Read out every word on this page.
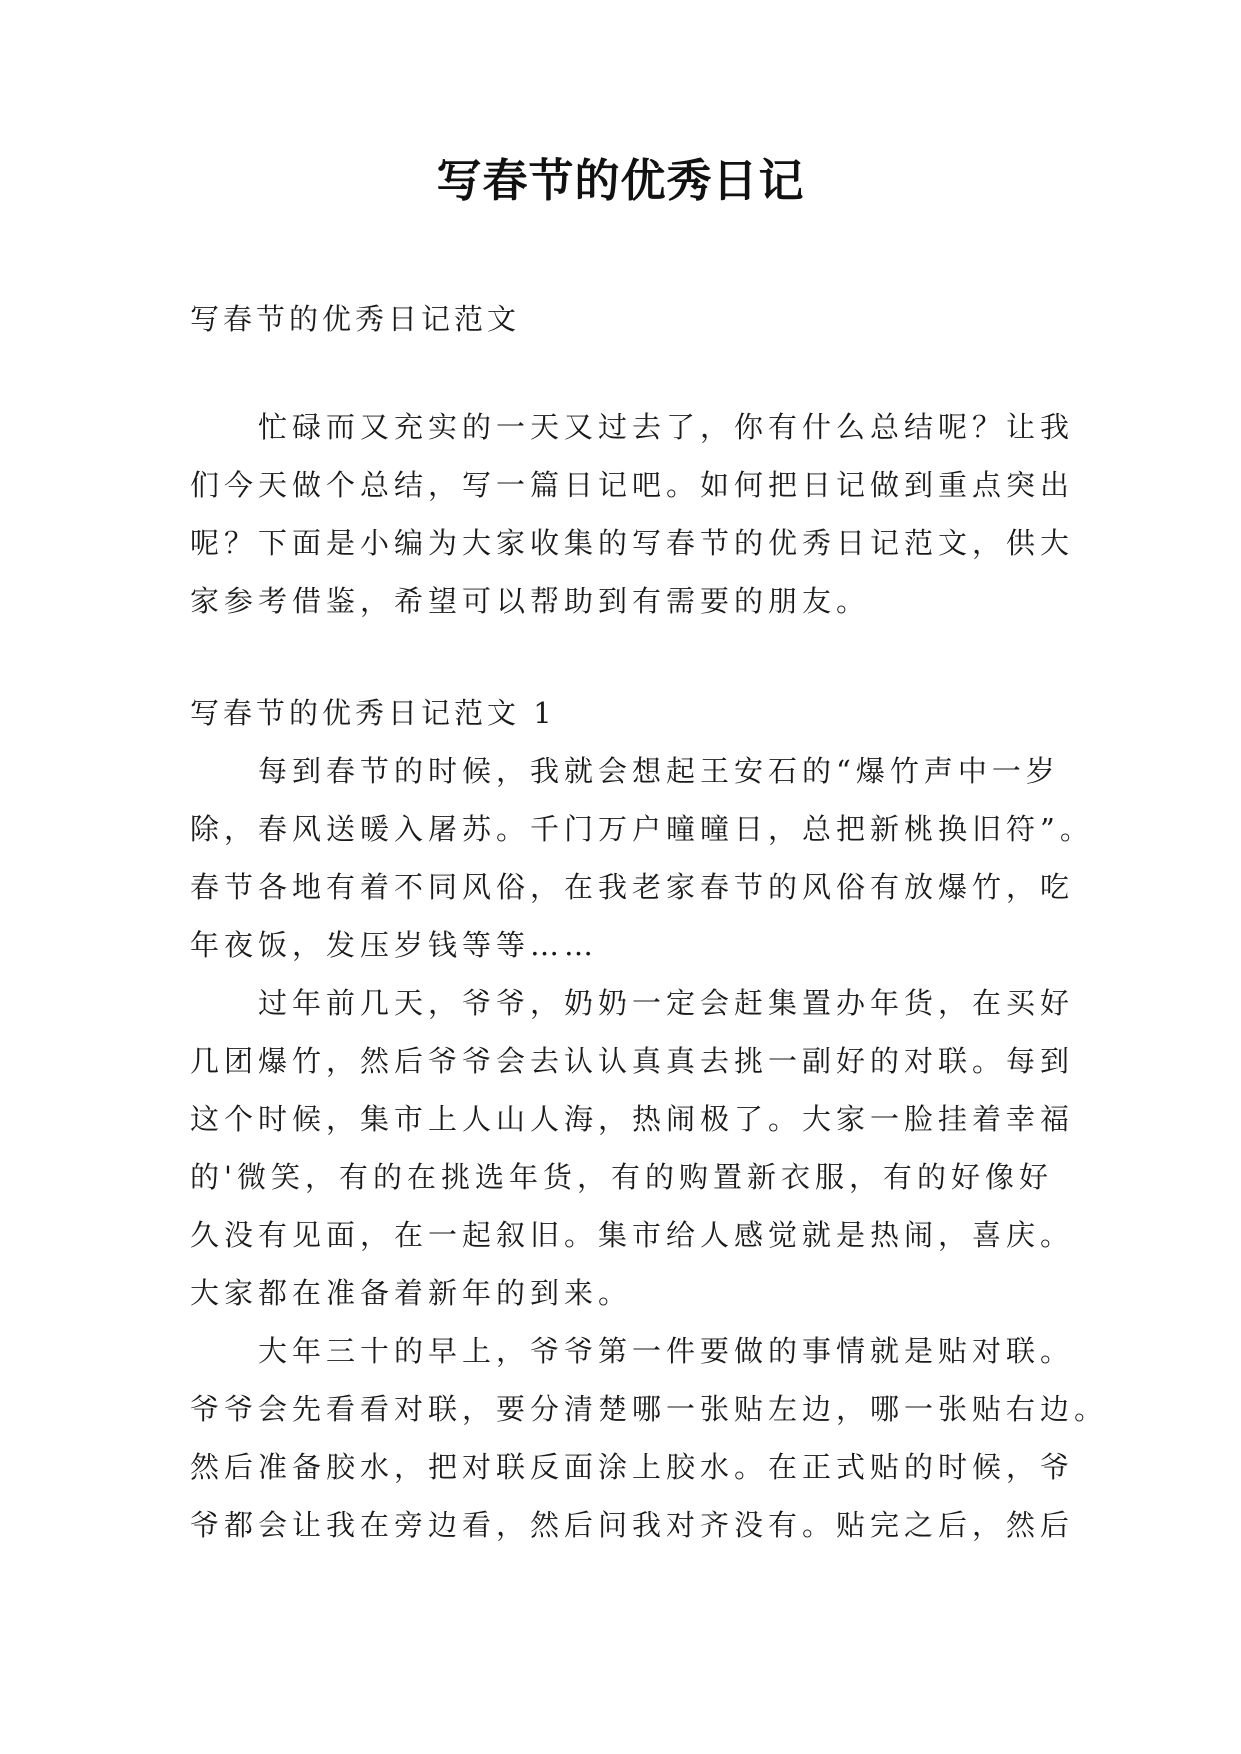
写春节的优秀日记
写春节的优秀日记范文
　　忙碌而又充实的一天又过去了，你有什么总结呢？让我
们今天做个总结，写一篇日记吧。如何把日记做到重点突出
呢？下面是小编为大家收集的写春节的优秀日记范文，供大
家参考借鉴，希望可以帮助到有需要的朋友。
写春节的优秀日记范文 1
　　每到春节的时候，我就会想起王安石的“爆竹声中一岁
除，春风送暖入屠苏。千门万户曈曈日，总把新桃换旧符”。
春节各地有着不同风俗，在我老家春节的风俗有放爆竹，吃
年夜饭，发压岁钱等等……
　　过年前几天，爷爷，奶奶一定会赶集置办年货，在买好
几团爆竹，然后爷爷会去认认真真去挑一副好的对联。每到
这个时候，集市上人山人海，热闹极了。大家一脸挂着幸福
的'微笑，有的在挑选年货，有的购置新衣服，有的好像好
久没有见面，在一起叙旧。集市给人感觉就是热闹，喜庆。
大家都在准备着新年的到来。
　　大年三十的早上，爷爷第一件要做的事情就是贴对联。
爷爷会先看看对联，要分清楚哪一张贴左边，哪一张贴右边。
然后准备胶水，把对联反面涂上胶水。在正式贴的时候，爷
爷都会让我在旁边看，然后问我对齐没有。贴完之后，然后
